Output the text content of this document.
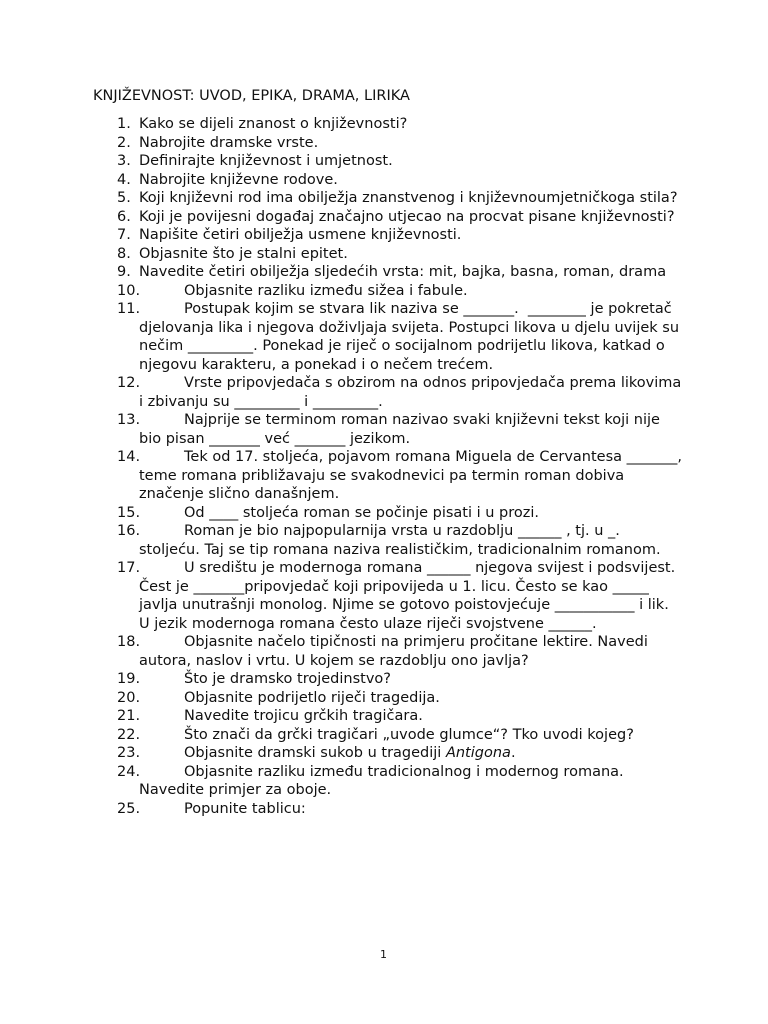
KNJIŽEVNOST: UVOD, EPIKA, DRAMA, LIRIKA
1. Kako se dijeli znanost o književnosti?
2. Nabrojite dramske vrste.
3. Definirajte književnost i umjetnost.
4. Nabrojite književne rodove.
5. Koji književni rod ima obilježja znanstvenog i književnoumjetničkoga stila?
6. Koji je povijesni događaj značajno utjecao na procvat pisane književnosti?
7. Napišite četiri obilježja usmene književnosti.
8. Objasnite što je stalni epitet.
9. Navedite četiri obilježja sljedećih vrsta: mit, bajka, basna, roman, drama
10.	Objasnite razliku između sižea i fabule.
11.	Postupak kojim se stvara lik naziva se _______.  ________ je pokretač djelovanja lika i njegova doživljaja svijeta. Postupci likova u djelu uvijek su nečim _________. Ponekad je riječ o socijalnom podrijetlu likova, katkad o njegovu karakteru, a ponekad i o nečem trećem.
12.	Vrste pripovjedača s obzirom na odnos pripovjedača prema likovima i zbivanju su _________ i _________.
13.	Najprije se terminom roman nazivao svaki književni tekst koji nije bio pisan _______ već _______ jezikom.
14.	Tek od 17. stoljeća, pojavom romana Miguela de Cervantesa _______, teme romana približavaju se svakodnevici pa termin roman dobiva značenje slično današnjem.
15.	Od ____ stoljeća roman se počinje pisati i u prozi.
16.	Roman je bio najpopularnija vrsta u razdoblju ______ , tj. u _. stoljeću. Taj se tip romana naziva realističkim, tradicionalnim romanom.
17.	U središtu je modernoga romana ______ njegova svijest i podsvijest. Čest je _______pripovjedač koji pripovijeda u 1. licu. Često se kao _____ javlja unutrašnji monolog. Njime se gotovo poistovjećuje ___________ i lik. U jezik modernoga romana često ulaze riječi svojstvene ______.
18.	Objasnite načelo tipičnosti na primjeru pročitane lektire. Navedi autora, naslov i vrtu. U kojem se razdoblju ono javlja?
19.	Što je dramsko trojedinstvo?
20.	Objasnite podrijetlo riječi tragedija.
21.	Navedite trojicu grčkih tragičara.
22.	Što znači da grčki tragičari „uvode glumce“? Tko uvodi kojeg?
23.	Objasnite dramski sukob u tragediji Antigona.
24.	Objasnite razliku između tradicionalnog i modernog romana. Navedite primjer za oboje.
25.	Popunite tablicu:
1
